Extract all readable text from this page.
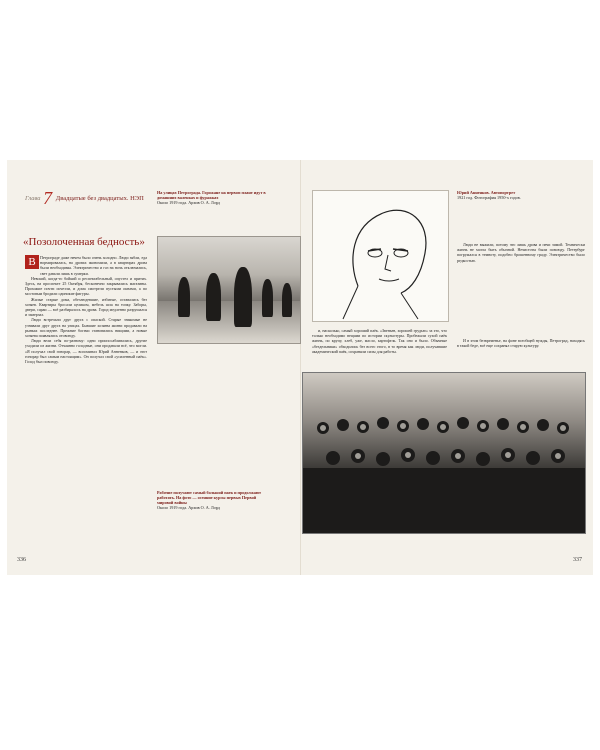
Глава 7 Двадцатые без двадцатых. НЭП
«Позолоченная бедность»
В	Петрограде даже нечем было очень холодно. Люди зябли, еда нормировалась, на дровах экономили, а в квартирах дрова были необходимы. Электричество и газ на ночь отключались, свет давали лишь в сумерки.

Невский, когда-то бойкий и респектабельный, опустел и притих. Здесь, на проспекте 25 Октября, бесконечно закрывались магазины. Прохожие почти исчезли, и дома смотрели пустыми окнами, а по мостовым бродили одинокие фигуры.

Жилые старые дома, обезлюдевшие, избитые, оставались без хозяев. Квартиры бросали целиком, мебель шла на топку. Заборы, двери, сараи — всё разбиралось на дрова. Город медленно разрушался и замерзал.

Люди встречали друг друга с опаской. Старые знакомые не узнавали друг друга на улицах. Бывшие хозяева жизни продавали на рынках последнее. Прежние богачи становились нищими, а новые хозяева появлялись отовсюду.

Люди вели себя по-разному: одни приспосабливались, другие уходили из жизни. Отчаянно голодные, они продавали всё, что могли. «Я получал свой гонорар, — вспоминал Юрий Анненков, — и этот гонорар был самым настоящим». Он получал свой «усиленный паёк». Голод был повсюду.

На улицах Петрограда. Горожане на первом плане идут в домашних валенках и фуражках
Около 1919 года. Архив О. А. Лорд
Рабочие получают самый большой паек и продолжают работать. На фото — осенние курсы первых Первой мировой войны
Около 1919 года. Архив О. А. Лорд
336
Юрий Анненков. Автопортрет
1921 год. Фотография 1950-х годов.

Люди не выжили, потому что лишь дрова и печи зимой. Технически жизнь не могла быть обычной. Нечистоты были повсюду. Петербург погружался в темноту, подобно брошенному граду. Электричество было редкостью.

И в этом безвременье, на фоне всеобщей нужды, Петроград, находясь в такой беде, всё еще сохранял старую культуру.

и, насколько, самый хороший паёк. «Звеньев, хорошей грудью» за это, что только необходимо вещами по истории скульптуры. Пробежали сухой паёк жизнь, по крупу, хлеб, уже, масло, картофель. Так оно и было. Обычные «бездельники» обходились без всего этого, в то время как люди, получавшие академический паёк, сохраняли силы для работы.

337
